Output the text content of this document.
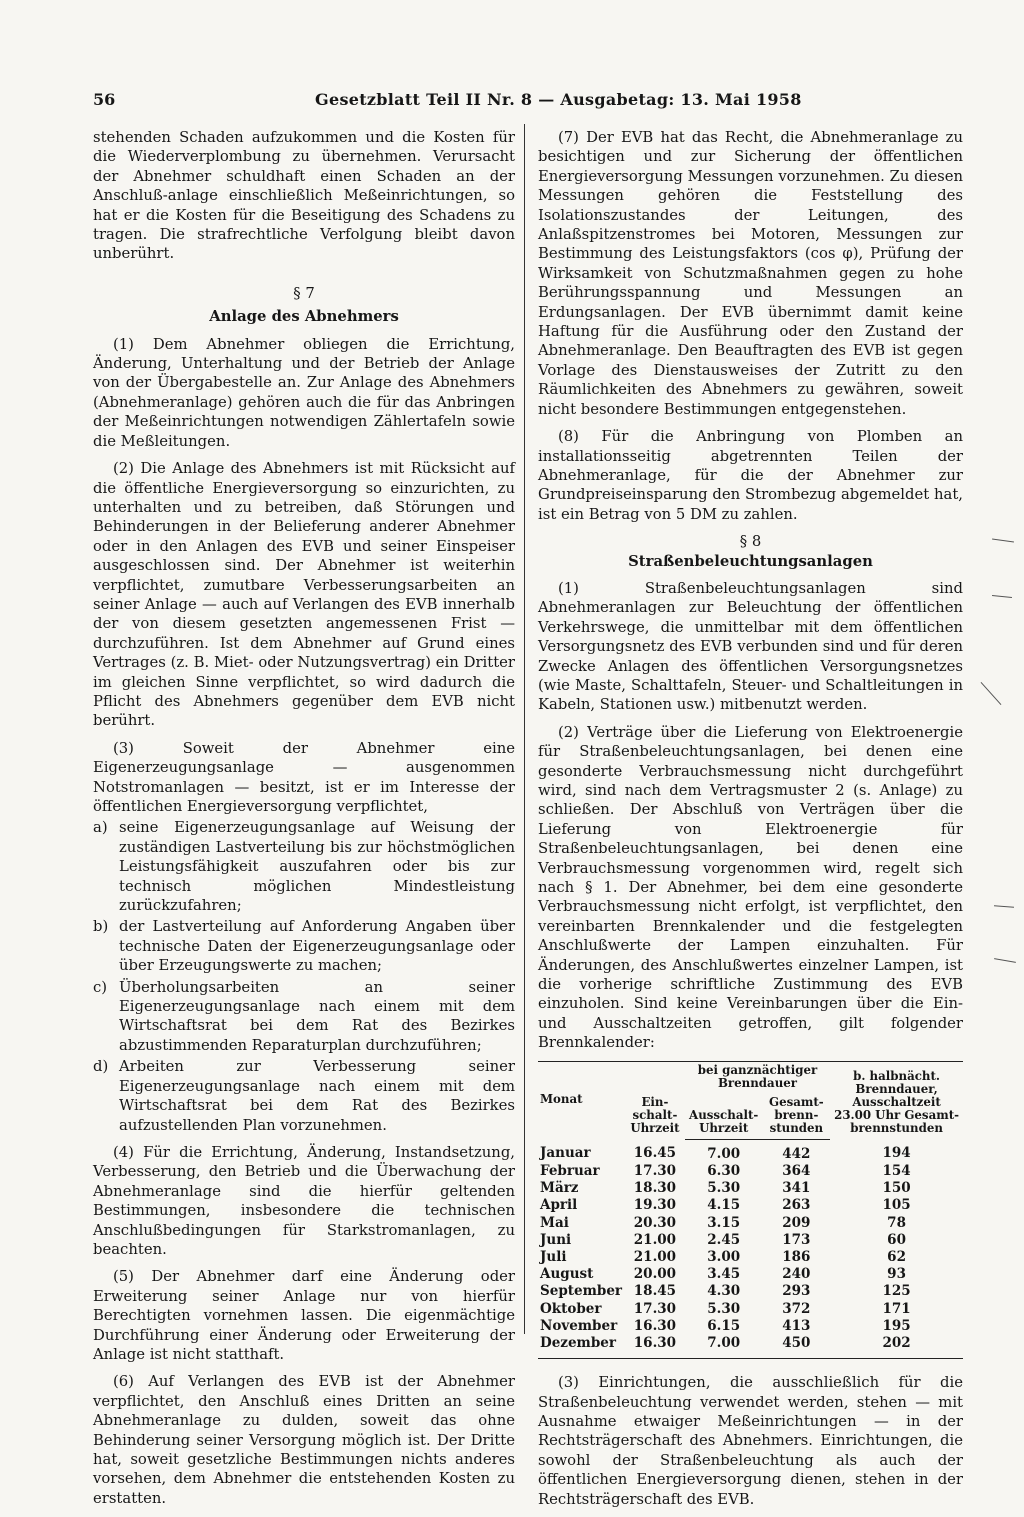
56	Gesetzblatt Teil II Nr. 8 — Ausgabetag: 13. Mai 1958

stehenden Schaden aufzukommen und die Kosten für die Wiederverplombung zu übernehmen. Verursacht der Abnehmer schuldhaft einen Schaden an der Anschluß-anlage einschließlich Meßeinrichtungen, so hat er die Kosten für die Beseitigung des Schadens zu tragen. Die strafrechtliche Verfolgung bleibt davon unberührt.

§ 7
Anlage des Abnehmers

(1) Dem Abnehmer obliegen die Errichtung, Änderung, Unterhaltung und der Betrieb der Anlage von der Übergabestelle an. Zur Anlage des Abnehmers (Abnehmeranlage) gehören auch die für das Anbringen der Meßeinrichtungen notwendigen Zählertafeln sowie die Meßleitungen.

(2) Die Anlage des Abnehmers ist mit Rücksicht auf die öffentliche Energieversorgung so einzurichten, zu unterhalten und zu betreiben, daß Störungen und Behinderungen in der Belieferung anderer Abnehmer oder in den Anlagen des EVB und seiner Einspeiser ausgeschlossen sind. Der Abnehmer ist weiterhin verpflichtet, zumutbare Verbesserungsarbeiten an seiner Anlage — auch auf Verlangen des EVB innerhalb der von diesem gesetzten angemessenen Frist — durchzuführen. Ist dem Abnehmer auf Grund eines Vertrages (z. B. Miet- oder Nutzungsvertrag) ein Dritter im gleichen Sinne verpflichtet, so wird dadurch die Pflicht des Abnehmers gegenüber dem EVB nicht berührt.

(3) Soweit der Abnehmer eine Eigenerzeugungsanlage — ausgenommen Notstromanlagen — besitzt, ist er im Interesse der öffentlichen Energieversorgung verpflichtet,

a) seine Eigenerzeugungsanlage auf Weisung der zuständigen Lastverteilung bis zur höchstmöglichen Leistungsfähigkeit auszufahren oder bis zur technisch möglichen Mindestleistung zurückzufahren;
b) der Lastverteilung auf Anforderung Angaben über technische Daten der Eigenerzeugungsanlage oder über Erzeugungswerte zu machen;
c) Überholungsarbeiten an seiner Eigenerzeugungsanlage nach einem mit dem Wirtschaftsrat bei dem Rat des Bezirkes abzustimmenden Reparaturplan durchzuführen;
d) Arbeiten zur Verbesserung seiner Eigenerzeugungsanlage nach einem mit dem Wirtschaftsrat bei dem Rat des Bezirkes aufzustellenden Plan vorzunehmen.

(4) Für die Errichtung, Änderung, Instandsetzung, Verbesserung, den Betrieb und die Überwachung der Abnehmeranlage sind die hierfür geltenden Bestimmungen, insbesondere die technischen Anschlußbedingungen für Starkstromanlagen, zu beachten.

(5) Der Abnehmer darf eine Änderung oder Erweiterung seiner Anlage nur von hierfür Berechtigten vornehmen lassen. Die eigenmächtige Durchführung einer Änderung oder Erweiterung der Anlage ist nicht statthaft.

(6) Auf Verlangen des EVB ist der Abnehmer verpflichtet, den Anschluß eines Dritten an seine Abnehmeranlage zu dulden, soweit das ohne Behinderung seiner Versorgung möglich ist. Der Dritte hat, soweit gesetzliche Bestimmungen nichts anderes vorsehen, dem Abnehmer die entstehenden Kosten zu erstatten.

(7) Der EVB hat das Recht, die Abnehmeranlage zu besichtigen und zur Sicherung der öffentlichen Energieversorgung Messungen vorzunehmen. Zu diesen Messungen gehören die Feststellung des Isolationszustandes der Leitungen, des Anlaßspitzenstromes bei Motoren, Messungen zur Bestimmung des Leistungsfaktors (cos φ), Prüfung der Wirksamkeit von Schutzmaßnahmen gegen zu hohe Berührungsspannung und Messungen an Erdungsanlagen. Der EVB übernimmt damit keine Haftung für die Ausführung oder den Zustand der Abnehmeranlage. Den Beauftragten des EVB ist gegen Vorlage des Dienstausweises der Zutritt zu den Räumlichkeiten des Abnehmers zu gewähren, soweit nicht besondere Bestimmungen entgegenstehen.

(8) Für die Anbringung von Plomben an installationsseitig abgetrennten Teilen der Abnehmeranlage, für die der Abnehmer zur Grundpreiseinsparung den Strombezug abgemeldet hat, ist ein Betrag von 5 DM zu zahlen.

§ 8
Straßenbeleuchtungsanlagen

(1) Straßenbeleuchtungsanlagen sind Abnehmeranlagen zur Beleuchtung der öffentlichen Verkehrswege, die unmittelbar mit dem öffentlichen Versorgungsnetz des EVB verbunden sind und für deren Zwecke Anlagen des öffentlichen Versorgungsnetzes (wie Maste, Schalttafeln, Steuer- und Schaltleitungen in Kabeln, Stationen usw.) mitbenutzt werden.

(2) Verträge über die Lieferung von Elektroenergie für Straßenbeleuchtungsanlagen, bei denen eine gesonderte Verbrauchsmessung nicht durchgeführt wird, sind nach dem Vertragsmuster 2 (s. Anlage) zu schließen. Der Abschluß von Verträgen über die Lieferung von Elektroenergie für Straßenbeleuchtungsanlagen, bei denen eine Verbrauchsmessung vorgenommen wird, regelt sich nach § 1. Der Abnehmer, bei dem eine gesonderte Verbrauchsmessung nicht erfolgt, ist verpflichtet, den vereinbarten Brennkalender und die festgelegten Anschlußwerte der Lampen einzuhalten. Für Änderungen, des Anschlußwertes einzelner Lampen, ist die vorherige schriftliche Zustimmung des EVB einzuholen. Sind keine Vereinbarungen über die Ein- und Ausschaltzeiten getroffen, gilt folgender Brennkalender:

Monat	Ein-schalt-Uhrzeit	bei ganznächtiger Brenndauer		b. halbnächt. Brenndauer, Ausschaltzeit 23.00 Uhr Gesamt-brennstunden
		Ausschalt-Uhrzeit	Gesamt-brenn-stunden	
Januar	16.45	7.00	442	194
Februar	17.30	6.30	364	154
März	18.30	5.30	341	150
April	19.30	4.15	263	105
Mai	20.30	3.15	209	78
Juni	21.00	2.45	173	60
Juli	21.00	3.00	186	62
August	20.00	3.45	240	93
September	18.45	4.30	293	125
Oktober	17.30	5.30	372	171
November	16.30	6.15	413	195
Dezember	16.30	7.00	450	202

(3) Einrichtungen, die ausschließlich für die Straßenbeleuchtung verwendet werden, stehen — mit Ausnahme etwaiger Meßeinrichtungen — in der Rechtsträgerschaft des Abnehmers. Einrichtungen, die sowohl der Straßenbeleuchtung als auch der öffentlichen Energieversorgung dienen, stehen in der Rechtsträgerschaft des EVB.
